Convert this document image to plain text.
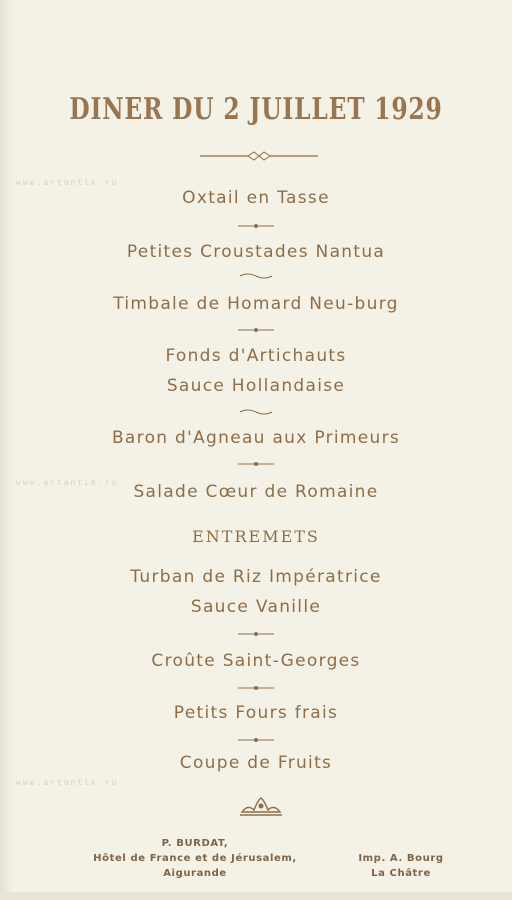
www.artantik.ru
www.artantik.ru
www.artantik.ru
DINER DU 2 JUILLET 1929
Oxtail en Tasse
Petites Croustades Nantua
Timbale de Homard Neu-burg
Fonds d'Artichauts
Sauce Hollandaise
Baron d'Agneau aux Primeurs
Salade Cœur de Romaine
ENTREMETS
Turban de Riz Impératrice
Sauce Vanille
Croûte Saint-Georges
Petits Fours frais
Coupe de Fruits
P. BURDAT,
Hôtel de France et de Jérusalem,
Aigurande
Imp. A. Bourg
La Châtre
